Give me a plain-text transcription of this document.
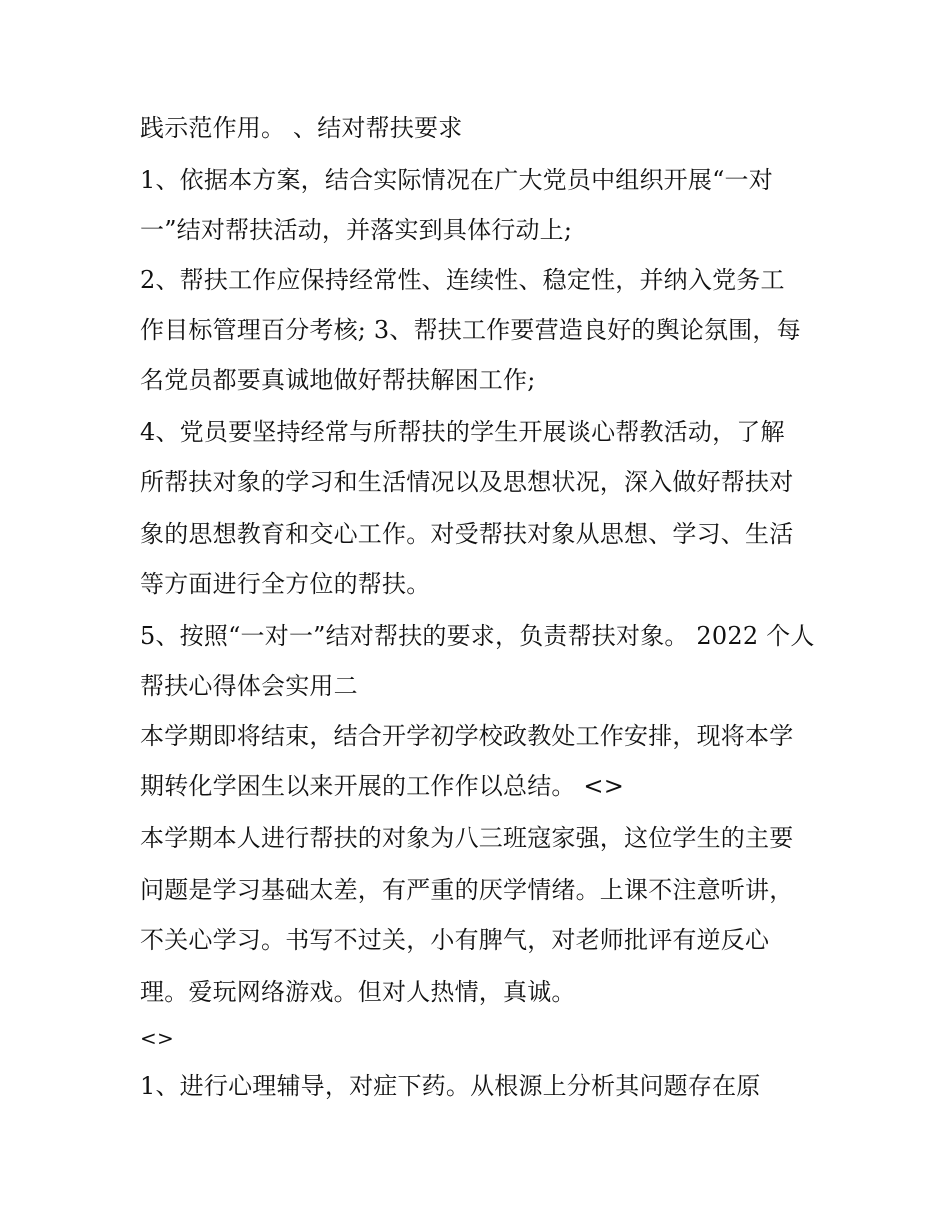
践示范作用。 、结对帮扶要求
1、依据本方案，结合实际情况在广大党员中组织开展“一对
一”结对帮扶活动，并落实到具体行动上;
2、帮扶工作应保持经常性、连续性、稳定性，并纳入党务工
作目标管理百分考核; 3、帮扶工作要营造良好的舆论氛围，每
名党员都要真诚地做好帮扶解困工作;
4、党员要坚持经常与所帮扶的学生开展谈心帮教活动，了解
所帮扶对象的学习和生活情况以及思想状况，深入做好帮扶对
象的思想教育和交心工作。对受帮扶对象从思想、学习、生活
等方面进行全方位的帮扶。
5、按照“一对一”结对帮扶的要求，负责帮扶对象。 2022 个人
帮扶心得体会实用二
本学期即将结束，结合开学初学校政教处工作安排，现将本学
期转化学困生以来开展的工作作以总结。 <>
本学期本人进行帮扶的对象为八三班寇家强，这位学生的主要
问题是学习基础太差，有严重的厌学情绪。上课不注意听讲，
不关心学习。书写不过关，小有脾气，对老师批评有逆反心
理。爱玩网络游戏。但对人热情，真诚。
<>
1、进行心理辅导，对症下药。从根源上分析其问题存在原
